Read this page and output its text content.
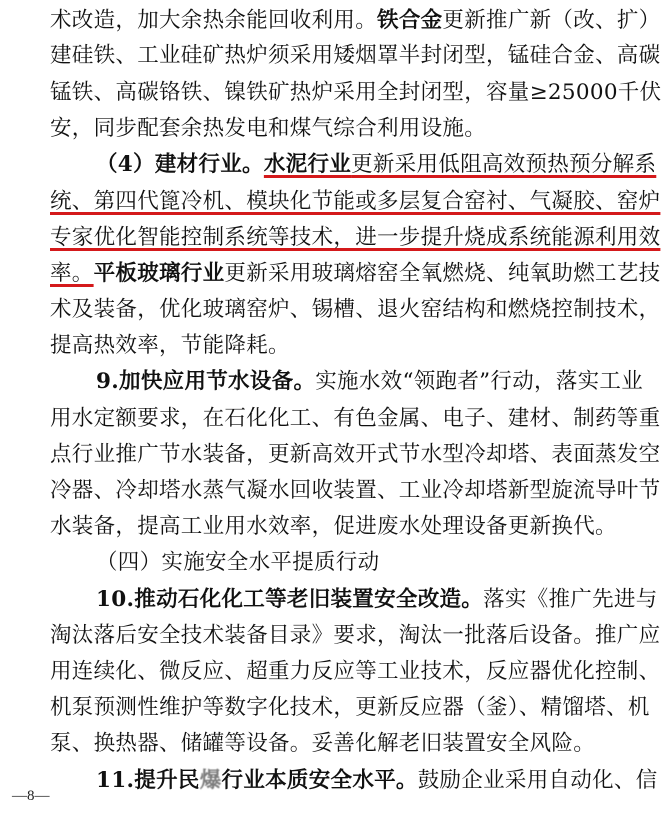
术改造，加大余热余能回收利用。铁合金更新推广新（改、扩）
建硅铁、工业硅矿热炉须采用矮烟罩半封闭型，锰硅合金、高碳
锰铁、高碳铬铁、镍铁矿热炉采用全封闭型，容量≥25000千伏
安，同步配套余热发电和煤气综合利用设施。
（4）建材行业。水泥行业更新采用低阻高效预热预分解系
统、第四代篦冷机、模块化节能或多层复合窑衬、气凝胶、窑炉
专家优化智能控制系统等技术，进一步提升烧成系统能源利用效
率。平板玻璃行业更新采用玻璃熔窑全氧燃烧、纯氧助燃工艺技
术及装备，优化玻璃窑炉、锡槽、退火窑结构和燃烧控制技术，
提高热效率，节能降耗。
9.加快应用节水设备。实施水效“领跑者”行动，落实工业
用水定额要求，在石化化工、有色金属、电子、建材、制药等重
点行业推广节水装备，更新高效开式节水型冷却塔、表面蒸发空
冷器、冷却塔水蒸气凝水回收装置、工业冷却塔新型旋流导叶节
水装备，提高工业用水效率，促进废水处理设备更新换代。
（四）实施安全水平提质行动
10.推动石化化工等老旧装置安全改造。落实《推广先进与
淘汰落后安全技术装备目录》要求，淘汰一批落后设备。推广应
用连续化、微反应、超重力反应等工业技术，反应器优化控制、
机泵预测性维护等数字化技术，更新反应器（釜）、精馏塔、机
泵、换热器、储罐等设备。妥善化解老旧装置安全风险。
11.提升民爆行业本质安全水平。鼓励企业采用自动化、信
—8—
